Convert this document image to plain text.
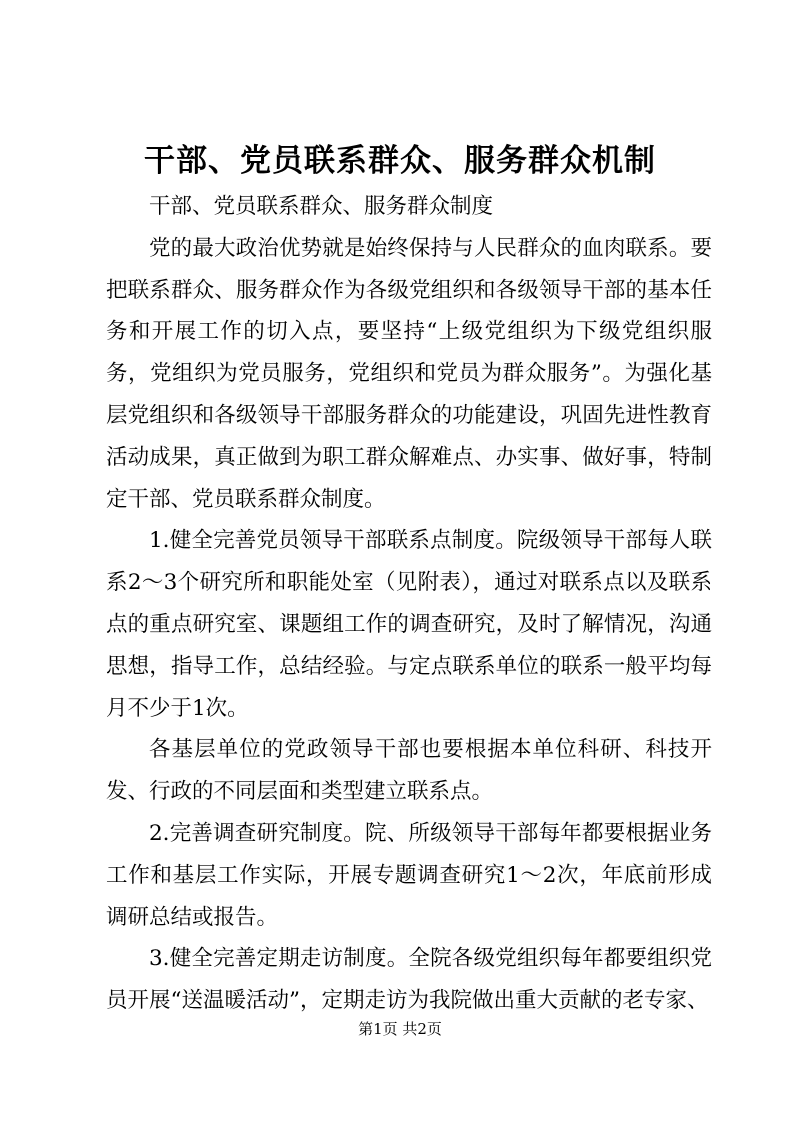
干部、党员联系群众、服务群众机制

干部、党员联系群众、服务群众制度

党的最大政治优势就是始终保持与人民群众的血肉联系。要把联系群众、服务群众作为各级党组织和各级领导干部的基本任务和开展工作的切入点，要坚持“上级党组织为下级党组织服务，党组织为党员服务，党组织和党员为群众服务”。为强化基层党组织和各级领导干部服务群众的功能建设，巩固先进性教育活动成果，真正做到为职工群众解难点、办实事、做好事，特制定干部、党员联系群众制度。

1.健全完善党员领导干部联系点制度。院级领导干部每人联系2～3个研究所和职能处室（见附表），通过对联系点以及联系点的重点研究室、课题组工作的调查研究，及时了解情况，沟通思想，指导工作，总结经验。与定点联系单位的联系一般平均每月不少于1次。

各基层单位的党政领导干部也要根据本单位科研、科技开发、行政的不同层面和类型建立联系点。

2.完善调查研究制度。院、所级领导干部每年都要根据业务工作和基层工作实际，开展专题调查研究1～2次，年底前形成调研总结或报告。

3.健全完善定期走访制度。全院各级党组织每年都要组织党员开展“送温暖活动”，定期走访为我院做出重大贡献的老专家、

第1页 共2页
